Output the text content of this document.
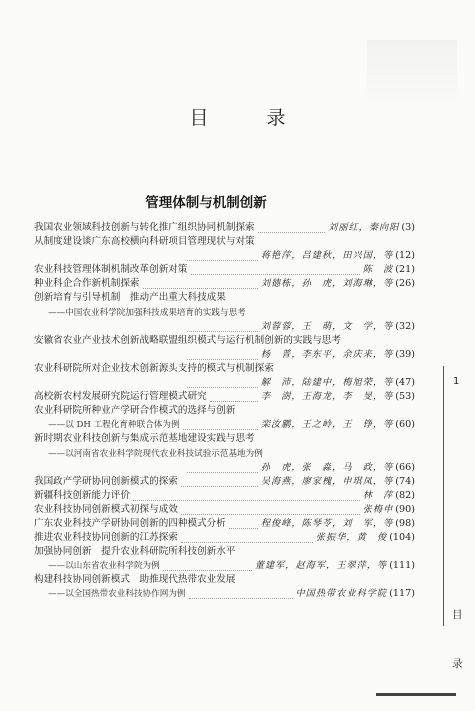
目 录
管理体制与机制创新
我国农业领域科技创新与转化推广组织协同机制探索	刘丽红，秦向阳 (3)
从制度建设谈广东高校横向科研项目管理现状与对策
蒋艳萍，吕建秋，田兴国，等 (12)
农业科技管理体制机制改革创新对策	陈　波 (21)
种业科企合作新机制探索	刘德栋，孙　虎，刘海琳，等 (26)
创新培育与引导机制　推动产出重大科技成果
——中国农业科学院加强科技成果培育的实践与思考
刘蓉蓉，王　萌，文　学，等 (32)
安徽省农业产业技术创新战略联盟组织模式与运行机制创新的实践与思考
杨　普，李东平，余庆来，等 (39)
农业科研院所对企业技术创新源头支持的模式与机制探索
解　沛，陆建中，梅旭荣，等 (47)
高校新农村发展研究院运行管理模式研究	李　澍，王海龙，李　旻，等 (53)
农业科研院所种业产学研合作模式的选择与创新
——以 DH 工程化育种联合体为例	栾汝鹏，王之岭，王　铮，等 (60)
新时期农业科技创新与集成示范基地建设实践与思考
——以河南省农业科学院现代农业科技试验示范基地为例
孙　虎，张　淼，马　政，等 (66)
我国政产学研协同创新模式的探索	吴海燕，廖家槐，申琪凤，等 (74)
新疆科技创新能力评价	林　萍 (82)
农业科技协同创新模式初探与成效	张梅申 (90)
广东农业科技产学研协同创新的四种模式分析	程俊峰，陈琴苓，刘　军，等 (98)
推进农业科技协同创新的江苏探索	张振华，黄　俊 (104)
加强协同创新　提升农业科研院所科技创新水平
——以山东省农业科学院为例	董建军，赵海军，王翠萍，等 (111)
构建科技协同创新模式　助推现代热带农业发展
——以全国热带农业科技协作网为例	中国热带农业科学院 (117)
1
目
录
